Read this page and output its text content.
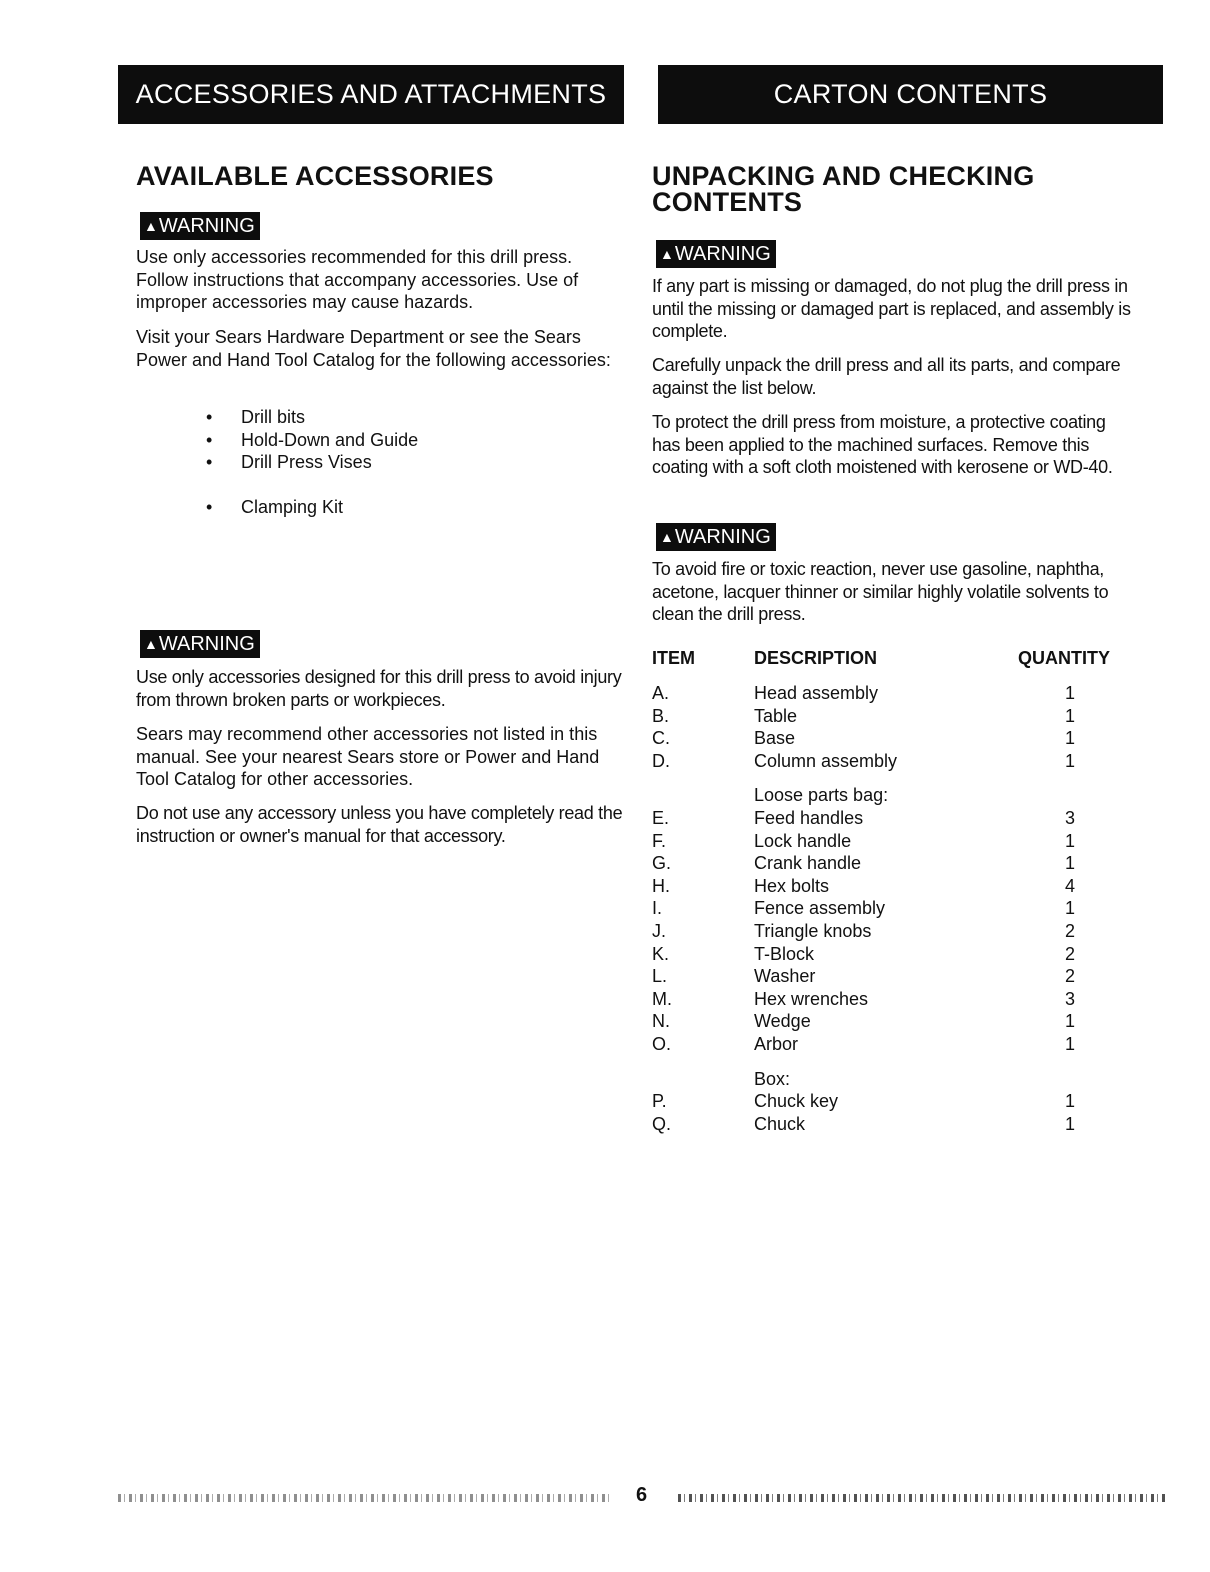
ACCESSORIES AND ATTACHMENTS	CARTON CONTENTS
AVAILABLE ACCESSORIES
▲WARNING

Use only accessories recommended for this drill press. Follow instructions that accompany accessories. Use of improper accessories may cause hazards.

Visit your Sears Hardware Department or see the Sears Power and Hand Tool Catalog for the following accessories:

• Drill bits
• Hold-Down and Guide
• Drill Press Vises
• Clamping Kit
▲WARNING

Use only accessories designed for this drill press to avoid injury from thrown broken parts or workpieces.

Sears may recommend other accessories not listed in this manual. See your nearest Sears store or Power and Hand Tool Catalog for other accessories.

Do not use any accessory unless you have completely read the instruction or owner's manual for that accessory.

UNPACKING AND CHECKING CONTENTS
▲WARNING

If any part is missing or damaged, do not plug the drill press in until the missing or damaged part is replaced, and assembly is complete.

Carefully unpack the drill press and all its parts, and compare against the list below.

To protect the drill press from moisture, a protective coating has been applied to the machined surfaces. Remove this coating with a soft cloth moistened with kerosene or WD-40.

▲WARNING

To avoid fire or toxic reaction, never use gasoline, naphtha, acetone, lacquer thinner or similar highly volatile solvents to clean the drill press.

ITEM	DESCRIPTION	QUANTITY
A.	Head assembly	1
B.	Table	1
C.	Base	1
D.	Column assembly	1
Loose parts bag:
E.	Feed handles	3
F.	Lock handle	1
G.	Crank handle	1
H.	Hex bolts	4
I.	Fence assembly	1
J.	Triangle knobs	2
K.	T-Block	2
L.	Washer	2
M.	Hex wrenches	3
N.	Wedge	1
O.	Arbor	1
Box:
P.	Chuck key	1
Q.	Chuck	1
6
